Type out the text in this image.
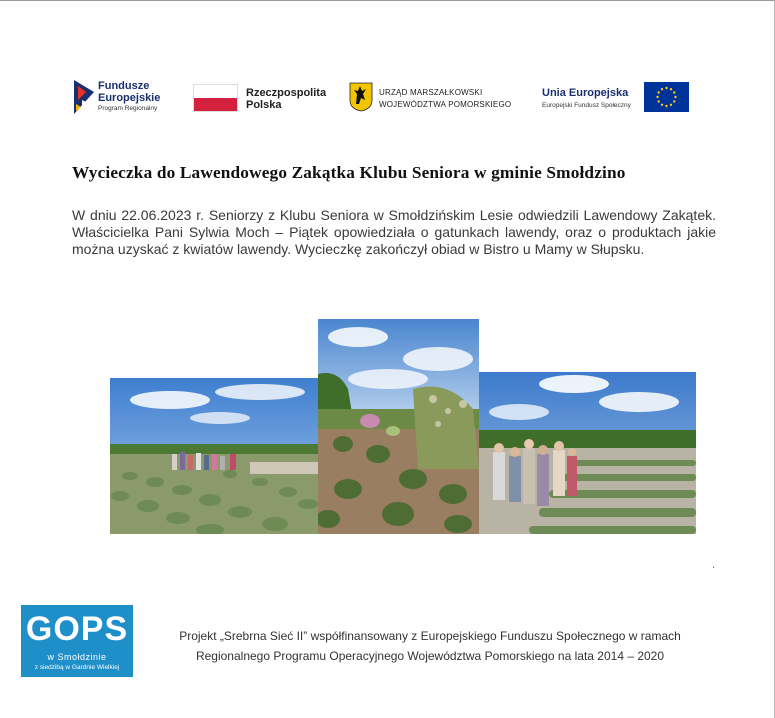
Fundusze
Europejskie
Program Regionalny
Rzeczpospolita
Polska
URZĄD MARSZAŁKOWSKI
WOJEWÓDZTWA POMORSKIEGO
Unia Europejska
Europejski Fundusz Społeczny
Wycieczka do Lawendowego Zakątka Klubu Seniora w gminie Smołdzino
W dniu 22.06.2023 r. Seniorzy z Klubu Seniora w Smołdzińskim Lesie odwiedzili Lawendowy Zakątek. Właścicielka Pani Sylwia Moch – Piątek opowiedziała o gatunkach lawendy, oraz o produktach jakie można uzyskać z kwiatów lawendy. Wycieczkę zakończył obiad w Bistro u Mamy w Słupsku.
.
GOPS
w Smołdzinie
z siedzibą w Gardnie Wielkiej
Projekt „Srebrna Sieć II” współfinansowany z Europejskiego Funduszu Społecznego w ramach
Regionalnego Programu Operacyjnego Województwa Pomorskiego na lata 2014 – 2020
